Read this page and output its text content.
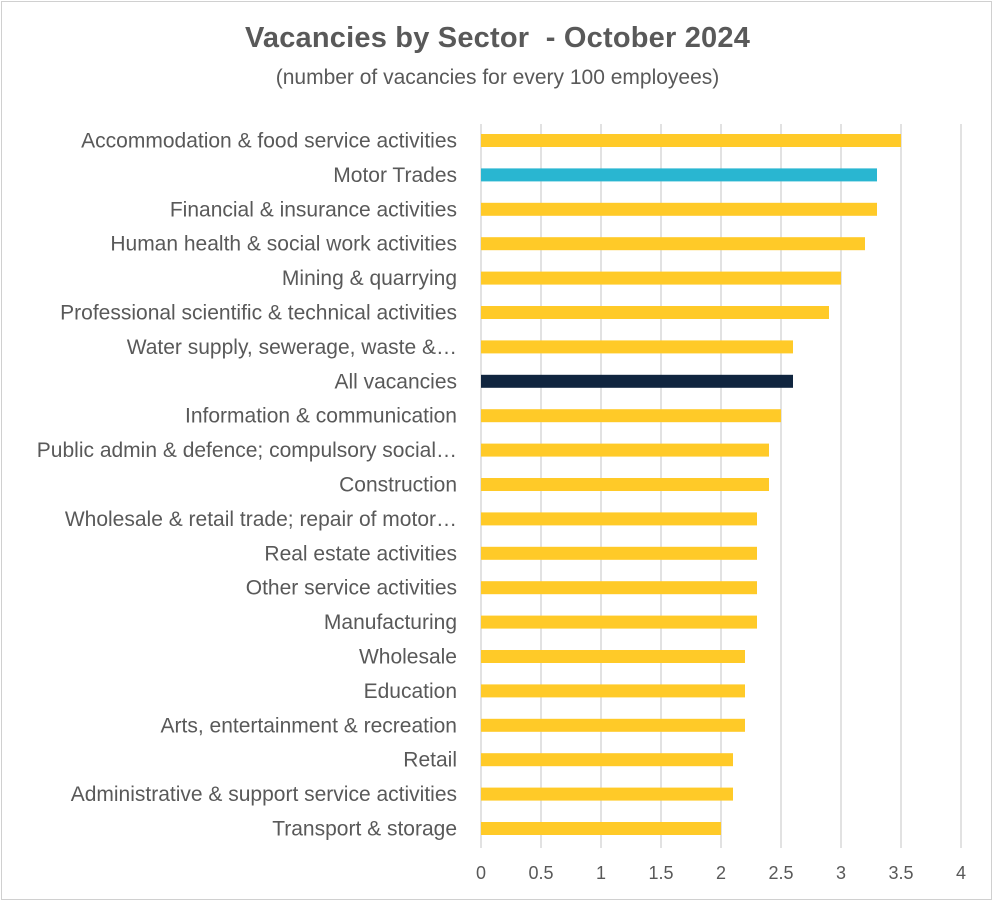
Vacancies by Sector  - October 2024
(number of vacancies for every 100 employees)
Accommodation & food service activities
Motor Trades
Financial & insurance activities
Human health & social work activities
Mining & quarrying
Professional scientific & technical activities
Water supply, sewerage, waste &…
All vacancies
Information & communication
Public admin & defence; compulsory social…
Construction
Wholesale & retail trade; repair of motor…
Real estate activities
Other service activities
Manufacturing
Wholesale
Education
Arts, entertainment & recreation
Retail
Administrative & support service activities
Transport & storage
0 0.5 1 1.5 2 2.5 3 3.5 4
